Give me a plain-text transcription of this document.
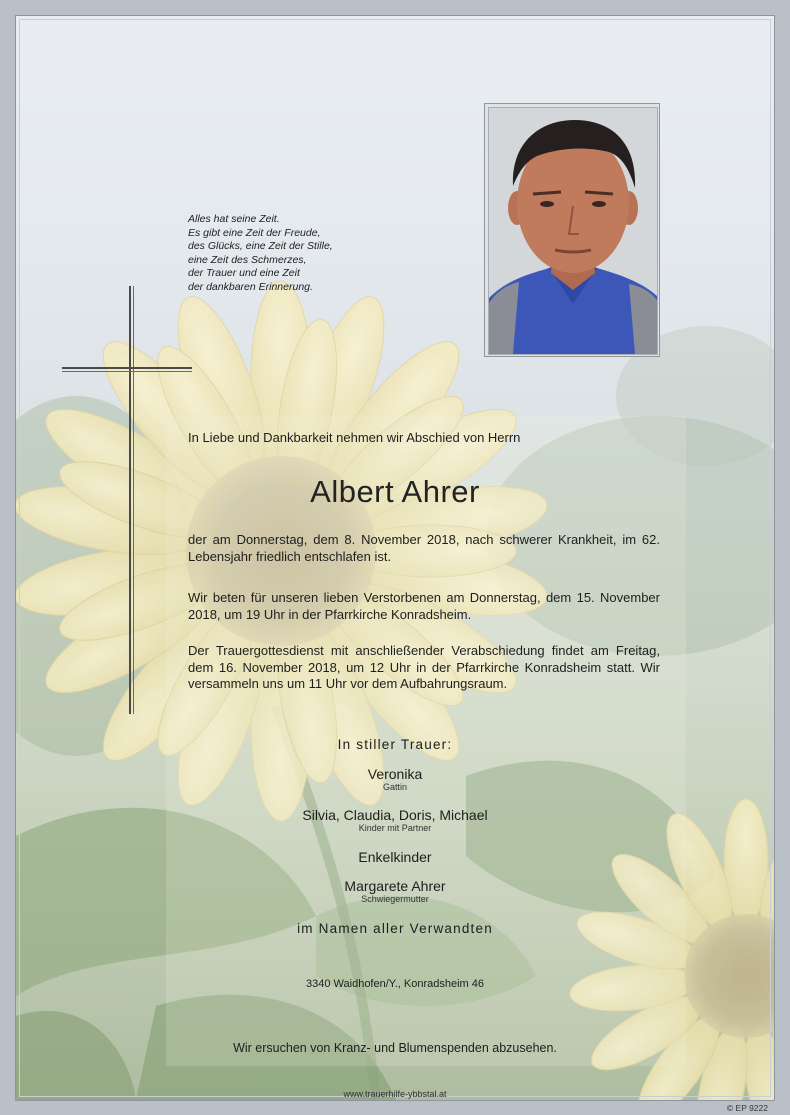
Alles hat seine Zeit.
Es gibt eine Zeit der Freude,
des Glücks, eine Zeit der Stille,
eine Zeit des Schmerzes,
der Trauer und eine Zeit
der dankbaren Erinnerung.
In Liebe und Dankbarkeit nehmen wir Abschied von Herrn
Albert Ahrer
der am Donnerstag, dem 8. November 2018, nach schwerer Krankheit, im 62. Lebensjahr friedlich entschlafen ist.
Wir beten für unseren lieben Verstorbenen am Donnerstag, dem 15. November 2018, um 19 Uhr in der Pfarrkirche Konradsheim.
Der Trauergottesdienst mit anschließender Verabschiedung findet am Freitag, dem 16. November 2018, um 12 Uhr in der Pfarrkirche Konradsheim statt. Wir versammeln uns um 11 Uhr vor dem Aufbahrungsraum.
In stiller Trauer:
Veronika
Gattin
Silvia, Claudia, Doris, Michael
Kinder mit Partner
Enkelkinder
Margarete Ahrer
Schwiegermutter
im Namen aller Verwandten
3340 Waidhofen/Y., Konradsheim 46
Wir ersuchen von Kranz- und Blumenspenden abzusehen.
www.trauerhilfe-ybbstal.at
© EP 9222
